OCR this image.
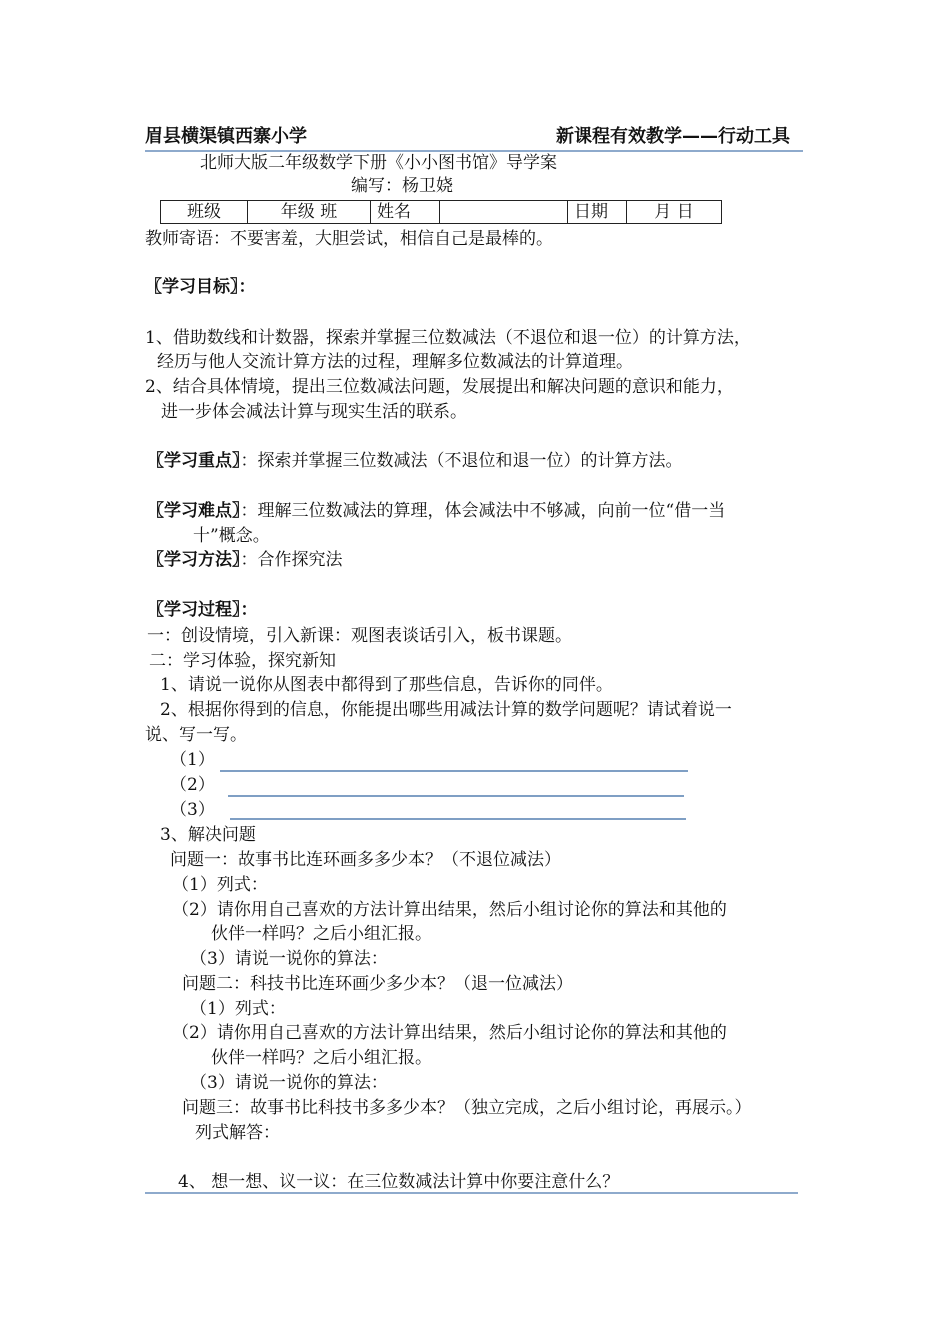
眉县横渠镇西寨小学	新课程有效教学——行动工具
北师大版二年级数学下册《小小图书馆》导学案
编写：杨卫娆
班级	年级 班	姓名		日期	月 日
教师寄语：不要害羞，大胆尝试，相信自己是最棒的。
〖学习目标〗：
1、借助数线和计数器，探索并掌握三位数减法（不退位和退一位）的计算方法，
经历与他人交流计算方法的过程，理解多位数减法的计算道理。
2、结合具体情境，提出三位数减法问题，发展提出和解决问题的意识和能力，
进一步体会减法计算与现实生活的联系。
〖学习重点〗：探索并掌握三位数减法（不退位和退一位）的计算方法。
〖学习难点〗：理解三位数减法的算理，体会减法中不够减，向前一位“借一当
十”概念。
〖学习方法〗：合作探究法
〖学习过程〗：
一：创设情境，引入新课：观图表谈话引入，板书课题。
二：学习体验，探究新知
1、请说一说你从图表中都得到了那些信息，告诉你的同伴。
2、根据你得到的信息，你能提出哪些用减法计算的数学问题呢？请试着说一
说、写一写。
（1）
（2）
（3）
3、解决问题
问题一：故事书比连环画多多少本？（不退位减法）
（1）列式：
（2）请你用自己喜欢的方法计算出结果，然后小组讨论你的算法和其他的
伙伴一样吗？之后小组汇报。
（3）请说一说你的算法：
问题二：科技书比连环画少多少本？（退一位减法）
（1）列式：
（2）请你用自己喜欢的方法计算出结果，然后小组讨论你的算法和其他的
伙伴一样吗？之后小组汇报。
（3）请说一说你的算法：
问题三：故事书比科技书多多少本？（独立完成，之后小组讨论，再展示。）
列式解答：
4、 想一想、议一议：在三位数减法计算中你要注意什么？
